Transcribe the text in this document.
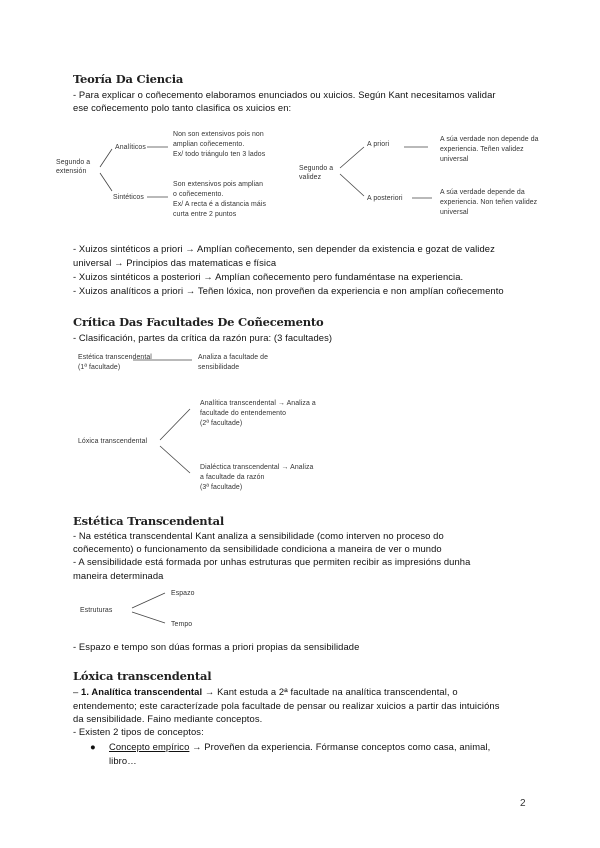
Teoría Da Ciencia
- Para explicar o coñecemento elaboramos enunciados ou xuicios. Según Kant necesitamos validar
ese coñecemento polo tanto clasifica os xuicios en:
Segundo a
extensión
Analíticos
Non son extensivos pois non
amplian coñecemento.
Ex/ todo triángulo ten 3 lados
Sintéticos
Son extensivos pois amplian
o coñecemento.
Ex/ A recta é a distancia máis
curta entre 2 puntos
Segundo a
validez
A priori
A súa verdade non depende da
experiencia. Teñen validez
universal
A posteriori
A súa verdade depende da
experiencia. Non teñen validez
universal
- Xuizos sintéticos a priori → Amplían coñecemento, sen depender da existencia e gozat de validez
universal → Principios das matematicas e física
- Xuizos sintéticos a posteriori → Amplían coñecemento pero fundaméntase na experiencia.
- Xuizos analíticos a priori → Teñen lóxica, non proveñen da experiencia e non amplían coñecemento
Crítica Das Facultades De Coñecemento
- Clasificación, partes da crítica da razón pura: (3 facultades)
Estética transcendental
(1ª facultade)
Analiza a facultade de
sensibilidade
Lóxica transcendental
Analítica transcendental → Analiza a
facultade do entendemento
(2ª facultade)
Dialéctica transcendental → Analiza
a facultade da razón
(3ª facultade)
Estética Transcendental
- Na estética transcendental Kant analiza a sensibilidade (como interven no proceso do
coñecemento) o funcionamento da sensibilidade condiciona a maneira de ver o mundo
- A sensibilidade está formada por unhas estruturas que permiten recibir as impresións dunha
maneira determinada
Estruturas
Espazo
Tempo
- Espazo e tempo son dúas formas a priori propias da sensibilidade
Lóxica transcendental
– 1. Analítica transcendental → Kant estuda a 2ª facultade na analítica transcendental, o
entendemento; este caracterízade pola facultade de pensar ou realizar xuicios a partir das intuicións
da sensibilidade. Faino mediante conceptos.
- Existen 2 tipos de conceptos:
● Concepto empírico → Proveñen da experiencia. Fórmanse conceptos como casa, animal,
libro…
2
